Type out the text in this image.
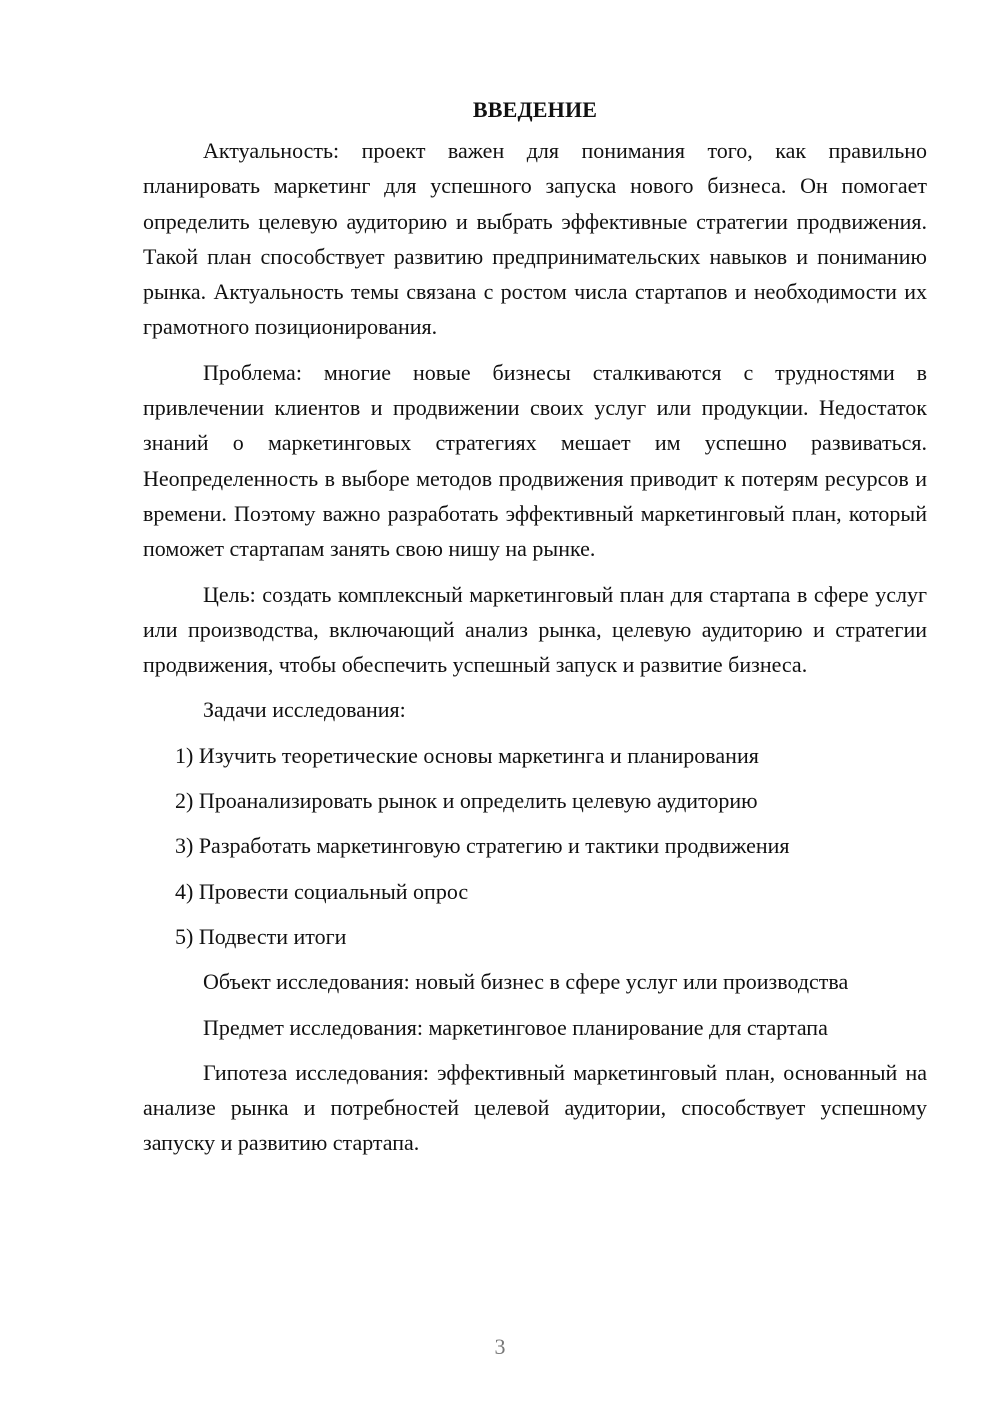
ВВЕДЕНИЕ

Актуальность: проект важен для понимания того, как правильно планировать маркетинг для успешного запуска нового бизнеса. Он помогает определить целевую аудиторию и выбрать эффективные стратегии продвижения. Такой план способствует развитию предпринимательских навыков и пониманию рынка. Актуальность темы связана с ростом числа стартапов и необходимости их грамотного позиционирования.

Проблема: многие новые бизнесы сталкиваются с трудностями в привлечении клиентов и продвижении своих услуг или продукции. Недостаток знаний о маркетинговых стратегиях мешает им успешно развиваться. Неопределенность в выборе методов продвижения приводит к потерям ресурсов и времени. Поэтому важно разработать эффективный маркетинговый план, который поможет стартапам занять свою нишу на рынке.

Цель: создать комплексный маркетинговый план для стартапа в сфере услуг или производства, включающий анализ рынка, целевую аудиторию и стратегии продвижения, чтобы обеспечить успешный запуск и развитие бизнеса.

Задачи исследования:
1) Изучить теоретические основы маркетинга и планирования
2) Проанализировать рынок и определить целевую аудиторию
3) Разработать маркетинговую стратегию и тактики продвижения
4) Провести социальный опрос
5) Подвести итоги
Объект исследования: новый бизнес в сфере услуг или производства
Предмет исследования: маркетинговое планирование для стартапа

Гипотеза исследования: эффективный маркетинговый план, основанный на анализе рынка и потребностей целевой аудитории, способствует успешному запуску и развитию стартапа.

3
